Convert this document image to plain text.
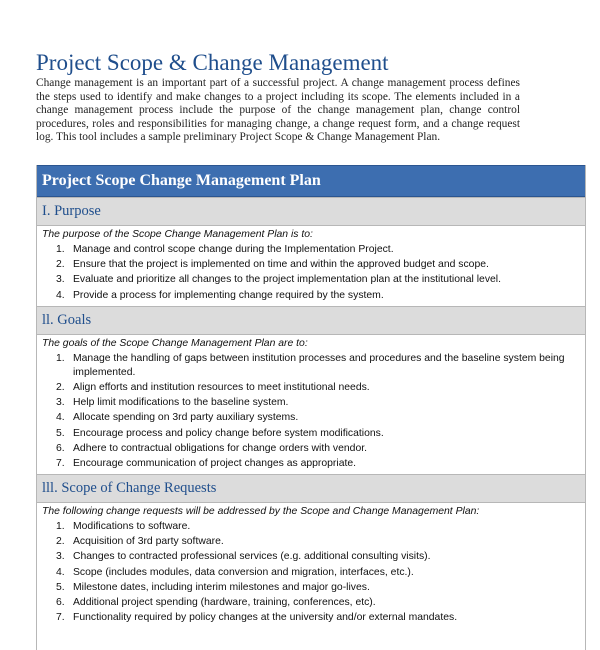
Project Scope & Change Management

Change management is an important part of a successful project. A change management process defines the steps used to identify and make changes to a project including its scope. The elements included in a change management process include the purpose of the change management plan, change control procedures, roles and responsibilities for managing change, a change request form, and a change request log. This tool includes a sample preliminary Project Scope & Change Management Plan.

Project Scope Change Management Plan
I. Purpose

The purpose of the Scope Change Management Plan is to:

1. Manage and control scope change during the Implementation Project.
2. Ensure that the project is implemented on time and within the approved budget and scope.
3. Evaluate and prioritize all changes to the project implementation plan at the institutional level.
4. Provide a process for implementing change required by the system.
ll. Goals

The goals of the Scope Change Management Plan are to:

1. Manage the handling of gaps between institution processes and procedures and the baseline system being implemented.
2. Align efforts and institution resources to meet institutional needs.
3. Help limit modifications to the baseline system.
4. Allocate spending on 3rd party auxiliary systems.
5. Encourage process and policy change before system modifications.
6. Adhere to contractual obligations for change orders with vendor.
7. Encourage communication of project changes as appropriate.
lll. Scope of Change Requests

The following change requests will be addressed by the Scope and Change Management Plan:

1. Modifications to software.
2. Acquisition of 3rd party software.
3. Changes to contracted professional services (e.g. additional consulting visits).
4. Scope (includes modules, data conversion and migration, interfaces, etc.).
5. Milestone dates, including interim milestones and major go-lives.
6. Additional project spending (hardware, training, conferences, etc).
7. Functionality required by policy changes at the university and/or external mandates.
